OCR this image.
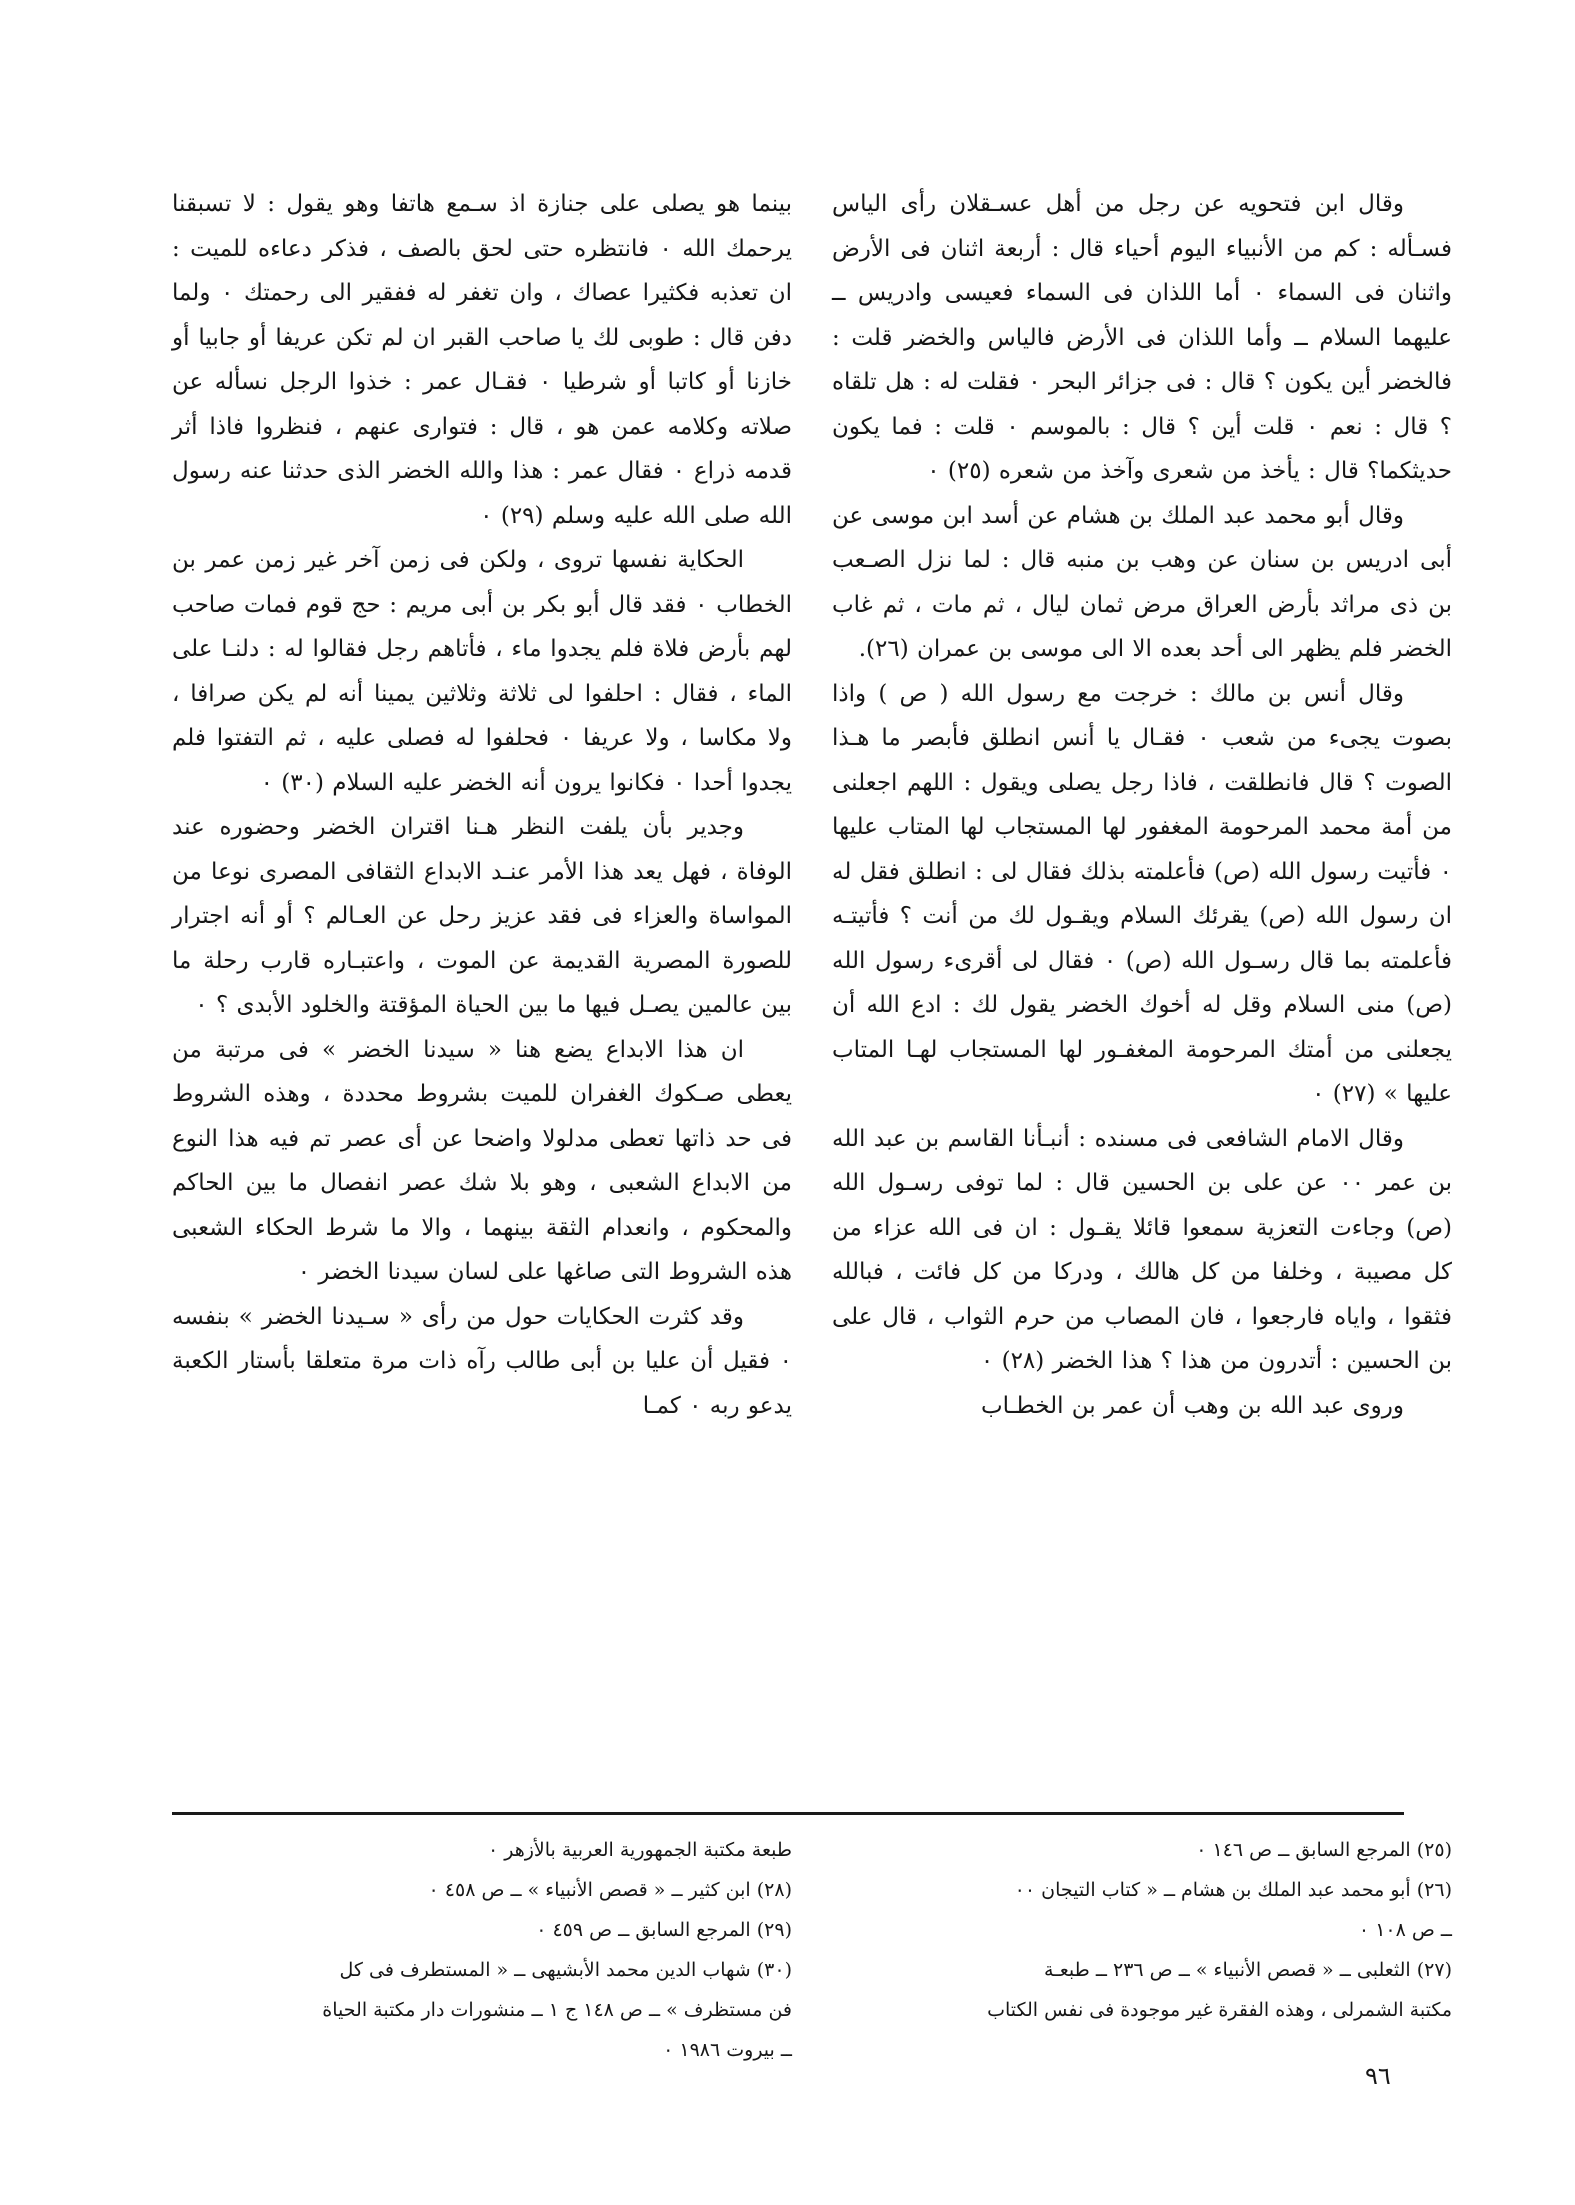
وقال ابن فتحويه عن رجل من أهل عسـقلان رأى الياس فسـأله : كم من الأنبياء اليوم أحياء قال : أربعة اثنان فى الأرض واثنان فى السماء ٠ أما اللذان فى السماء فعيسى وادريس ــ عليهما السلام ــ وأما اللذان فى الأرض فالياس والخضر قلت : فالخضر أين يكون ؟ قال : فى جزائر البحر ٠ فقلت له : هل تلقاه ؟ قال : نعم ٠ قلت أين ؟ قال : بالموسم ٠ قلت : فما يكون حديثكما؟ قال : يأخذ من شعرى وآخذ من شعره (٢٥) ٠

وقال أبو محمد عبد الملك بن هشام عن أسد ابن موسى عن أبى ادريس بن سنان عن وهب بن منبه قال : لما نزل الصـعب بن ذى مراثد بأرض العراق مرض ثمان ليال ، ثم مات ، ثم غاب الخضر فلم يظهر الى أحد بعده الا الى موسى بن عمران (٢٦).

وقال أنس بن مالك : خرجت مع رسول الله ( ص ) واذا بصوت يجىء من شعب ٠ فقـال يا أنس انطلق فأبصر ما هـذا الصوت ؟ قال فانطلقت ، فاذا رجل يصلى ويقول : اللهم اجعلنى من أمة محمد المرحومة المغفور لها المستجاب لها المتاب عليها ٠ فأتيت رسول الله (ص) فأعلمته بذلك فقال لى : انطلق فقل له ان رسول الله (ص) يقرئك السلام ويقـول لك من أنت ؟ فأتيتـه فأعلمته بما قال رسـول الله (ص) ٠ فقال لى أقرىء رسول الله (ص) منى السلام وقل له أخوك الخضر يقول لك : ادع الله أن يجعلنى من أمتك المرحومة المغفـور لها المستجاب لهـا المتاب عليها » (٢٧) ٠

وقال الامام الشافعى فى مسنده : أنبـأنا القاسم بن عبد الله بن عمر ٠٠ عن على بن الحسين قال : لما توفى رسـول الله (ص) وجاءت التعزية سمعوا قائلا يقـول : ان فى الله عزاء من كل مصيبة ، وخلفا من كل هالك ، ودركا من كل فائت ، فبالله فثقوا ، واياه فارجعوا ، فان المصاب من حرم الثواب ، قال على بن الحسين : أتدرون من هذا ؟ هذا الخضر (٢٨) ٠

وروى عبد الله بن وهب أن عمر بن الخطـاب

بينما هو يصلى على جنازة اذ سـمع هاتفا وهو يقول : لا تسبقنا يرحمك الله ٠ فانتظره حتى لحق بالصف ، فذكر دعاءه للميت : ان تعذبه فكثيرا عصاك ، وان تغفر له ففقير الى رحمتك ٠ ولما دفن قال : طوبى لك يا صاحب القبر ان لم تكن عريفا أو جابيا أو خازنا أو كاتبا أو شرطيا ٠ فقـال عمر : خذوا الرجل نسأله عن صلاته وكلامه عمن هو ، قال : فتوارى عنهم ، فنظروا فاذا أثر قدمه ذراع ٠ فقال عمر : هذا والله الخضر الذى حدثنا عنه رسول الله صلى الله عليه وسلم (٢٩) ٠

الحكاية نفسها تروى ، ولكن فى زمن آخر غير زمن عمر بن الخطاب ٠ فقد قال أبو بكر بن أبى مريم : حج قوم فمات صاحب لهم بأرض فلاة فلم يجدوا ماء ، فأتاهم رجل فقالوا له : دلنـا على الماء ، فقال : احلفوا لى ثلاثة وثلاثين يمينا أنه لم يكن صرافا ، ولا مكاسا ، ولا عريفا ٠ فحلفوا له فصلى عليه ، ثم التفتوا فلم يجدوا أحدا ٠ فكانوا يرون أنه الخضر عليه السلام (٣٠) ٠

وجدير بأن يلفت النظر هـنا اقتران الخضر وحضوره عند الوفاة ، فهل يعد هذا الأمر عنـد الابداع الثقافى المصرى نوعا من المواساة والعزاء فى فقد عزيز رحل عن العـالم ؟ أو أنه اجترار للصورة المصرية القديمة عن الموت ، واعتبـاره قارب رحلة ما بين عالمين يصـل فيها ما بين الحياة المؤقتة والخلود الأبدى ؟ ٠

ان هذا الابداع يضع هنا « سيدنا الخضر » فى مرتبة من يعطى صـكوك الغفران للميت بشروط محددة ، وهذه الشروط فى حد ذاتها تعطى مدلولا واضحا عن أى عصر تم فيه هذا النوع من الابداع الشعبى ، وهو بلا شك عصر انفصال ما بين الحاكم والمحكوم ، وانعدام الثقة بينهما ، والا ما شرط الحكاء الشعبى هذه الشروط التى صاغها على لسان سيدنا الخضر ٠

وقد كثرت الحكايات حول من رأى « سـيدنا الخضر » بنفسه ٠ فقيل أن عليا بن أبى طالب رآه ذات مرة متعلقا بأستار الكعبة يدعو ربه ٠ كمـا

(٢٥) المرجع السابق ــ ص ١٤٦ ٠

(٢٦) أبو محمد عبد الملك بن هشام ــ « كتاب التيجان ٠٠

ــ ص ١٠٨ ٠

(٢٧) الثعلبى ــ « قصص الأنبياء » ــ ص ٢٣٦ ــ طبعـة

مكتبة الشمرلى ، وهذه الفقرة غير موجودة فى نفس الكتاب

طبعة مكتبة الجمهورية العربية بالأزهر ٠

(٢٨) ابن كثير ــ « قصص الأنبياء » ــ ص ٤٥٨ ٠

(٢٩) المرجع السابق ــ ص ٤٥٩ ٠

(٣٠) شهاب الدين محمد الأبشيهى ــ « المستطرف فى كل

فن مستظرف » ــ ص ١٤٨ ج ١ ــ منشورات دار مكتبة الحياة

ــ بيروت ١٩٨٦ ٠

٩٦
